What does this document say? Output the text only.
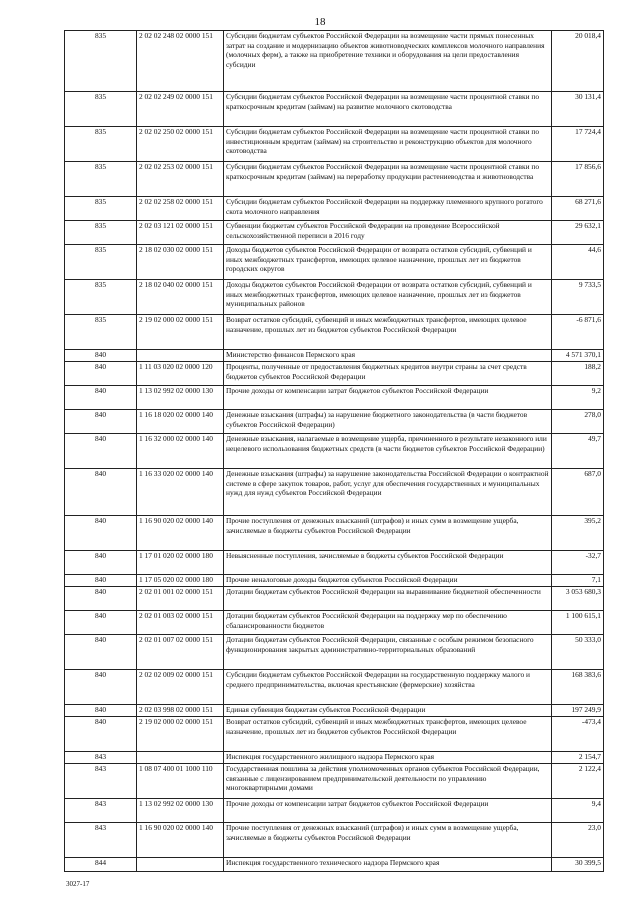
18
835	2 02 02 248 02 0000 151	Субсидии бюджетам субъектов Российской Федерации на возмещение части прямых понесенных затрат на создание и модернизацию объектов животноводческих комплексов молочного направления (молочных ферм), а также на приобретение техники и оборудования на цели предоставления субсидии	20 018,4
835	2 02 02 249 02 0000 151	Субсидии бюджетам субъектов Российской Федерации на возмещение части процентной ставки по краткосрочным кредитам (займам) на развитие молочного скотоводства	30 131,4
835	2 02 02 250 02 0000 151	Субсидии бюджетам субъектов Российской Федерации на возмещение части процентной ставки по инвестиционным кредитам (займам) на строительство и реконструкцию объектов для молочного скотоводства	17 724,4
835	2 02 02 253 02 0000 151	Субсидии бюджетам субъектов Российской Федерации на возмещение части процентной ставки по краткосрочным кредитам (займам) на переработку продукции растениеводства и животноводства	17 856,6
835	2 02 02 258 02 0000 151	Субсидии бюджетам субъектов Российской Федерации на поддержку племенного крупного рогатого скота молочного направления	68 271,6
835	2 02 03 121 02 0000 151	Субвенции бюджетам субъектов Российской Федерации на проведение Всероссийской сельскохозяйственной переписи в 2016 году	29 632,1
835	2 18 02 030 02 0000 151	Доходы бюджетов субъектов Российской Федерации от возврата остатков субсидий, субвенций и иных межбюджетных трансфертов, имеющих целевое назначение, прошлых лет из бюджетов городских округов	44,6
835	2 18 02 040 02 0000 151	Доходы бюджетов субъектов Российской Федерации от возврата остатков субсидий, субвенций и иных межбюджетных трансфертов, имеющих целевое назначение, прошлых лет из бюджетов муниципальных районов	9 733,5
835	2 19 02 000 02 0000 151	Возврат остатков субсидий, субвенций и иных межбюджетных трансфертов, имеющих целевое назначение, прошлых лет из бюджетов субъектов Российской Федерации	-6 871,6
840		Министерство финансов Пермского края	4 571 370,1
840	1 11 03 020 02 0000 120	Проценты, полученные от предоставления бюджетных кредитов внутри страны за счет средств бюджетов субъектов Российской Федерации	188,2
840	1 13 02 992 02 0000 130	Прочие доходы от компенсации затрат бюджетов субъектов Российской Федерации	9,2
840	1 16 18 020 02 0000 140	Денежные взыскания (штрафы) за нарушение бюджетного законодательства (в части бюджетов субъектов Российской Федерации)	278,0
840	1 16 32 000 02 0000 140	Денежные взыскания, налагаемые в возмещение ущерба, причиненного в результате незаконного или нецелевого использования бюджетных средств (в части бюджетов субъектов Российской Федерации)	49,7
840	1 16 33 020 02 0000 140	Денежные взыскания (штрафы) за нарушение законодательства Российской Федерации о контрактной системе в сфере закупок товаров, работ, услуг для обеспечения государственных и муниципальных нужд для нужд субъектов Российской Федерации	687,0
840	1 16 90 020 02 0000 140	Прочие поступления от денежных взысканий (штрафов) и иных сумм в возмещение ущерба, зачисляемые в бюджеты субъектов Российской Федерации	395,2
840	1 17 01 020 02 0000 180	Невыясненные поступления, зачисляемые в бюджеты субъектов Российской Федерации	-32,7
840	1 17 05 020 02 0000 180	Прочие неналоговые доходы бюджетов субъектов Российской Федерации	7,1
840	2 02 01 001 02 0000 151	Дотации бюджетам субъектов Российской Федерации на выравнивание бюджетной обеспеченности	3 053 680,3
840	2 02 01 003 02 0000 151	Дотации бюджетам субъектов Российской Федерации на поддержку мер по обеспечению сбалансированности бюджетов	1 100 615,1
840	2 02 01 007 02 0000 151	Дотации бюджетам субъектов Российской Федерации, связанные с особым режимом безопасного функционирования закрытых административно-территориальных образований	50 333,0
840	2 02 02 009 02 0000 151	Субсидии бюджетам субъектов Российской Федерации на государственную поддержку малого и среднего предпринимательства, включая крестьянские (фермерские) хозяйства	168 383,6
840	2 02 03 998 02 0000 151	Единая субвенция бюджетам субъектов Российской Федерации	197 249,9
840	2 19 02 000 02 0000 151	Возврат остатков субсидий, субвенций и иных межбюджетных трансфертов, имеющих целевое назначение, прошлых лет из бюджетов субъектов Российской Федерации	-473,4
843		Инспекция государственного жилищного надзора Пермского края	2 154,7
843	1 08 07 400 01 1000 110	Государственная пошлина за действия уполномоченных органов субъектов Российской Федерации, связанные с лицензированием предпринимательской деятельности по управлению многоквартирными домами	2 122,4
843	1 13 02 992 02 0000 130	Прочие доходы от компенсации затрат бюджетов субъектов Российской Федерации	9,4
843	1 16 90 020 02 0000 140	Прочие поступления от денежных взысканий (штрафов) и иных сумм в возмещение ущерба, зачисляемые в бюджеты субъектов Российской Федерации	23,0
844		Инспекция государственного технического надзора Пермского края	30 399,5
3027-17
